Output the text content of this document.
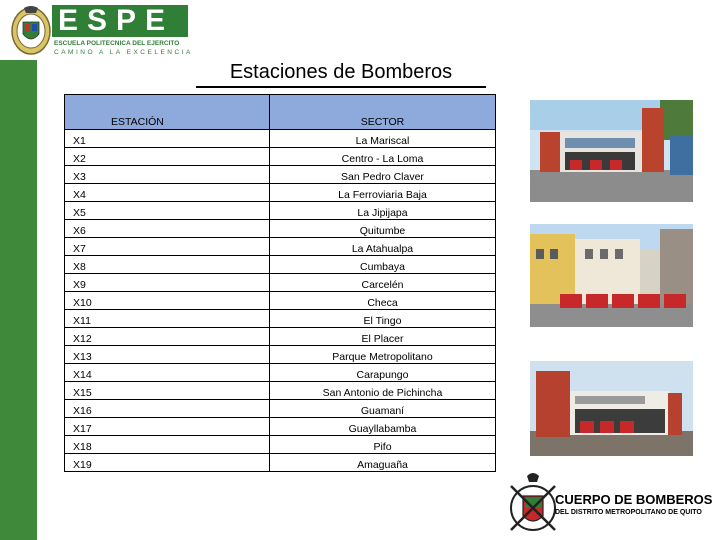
ESPE
ESCUELA POLITECNICA DEL EJERCITO
CAMINO A LA EXCELENCIA
Estaciones de Bomberos
ESTACIÓN	SECTOR
X1	La Mariscal
X2	Centro - La Loma
X3	San Pedro Claver
X4	La Ferroviaria Baja
X5	La Jipijapa
X6	Quitumbe
X7	La Atahualpa
X8	Cumbaya
X9	Carcelén
X10	Checa
X11	El Tingo
X12	El Placer
X13	Parque Metropolitano
X14	Carapungo
X15	San Antonio de Pichincha
X16	Guamaní
X17	Guayllabamba
X18	Pifo
X19	Amaguaña
CUERPO DE BOMBEROS
DEL DISTRITO METROPOLITANO DE QUITO
